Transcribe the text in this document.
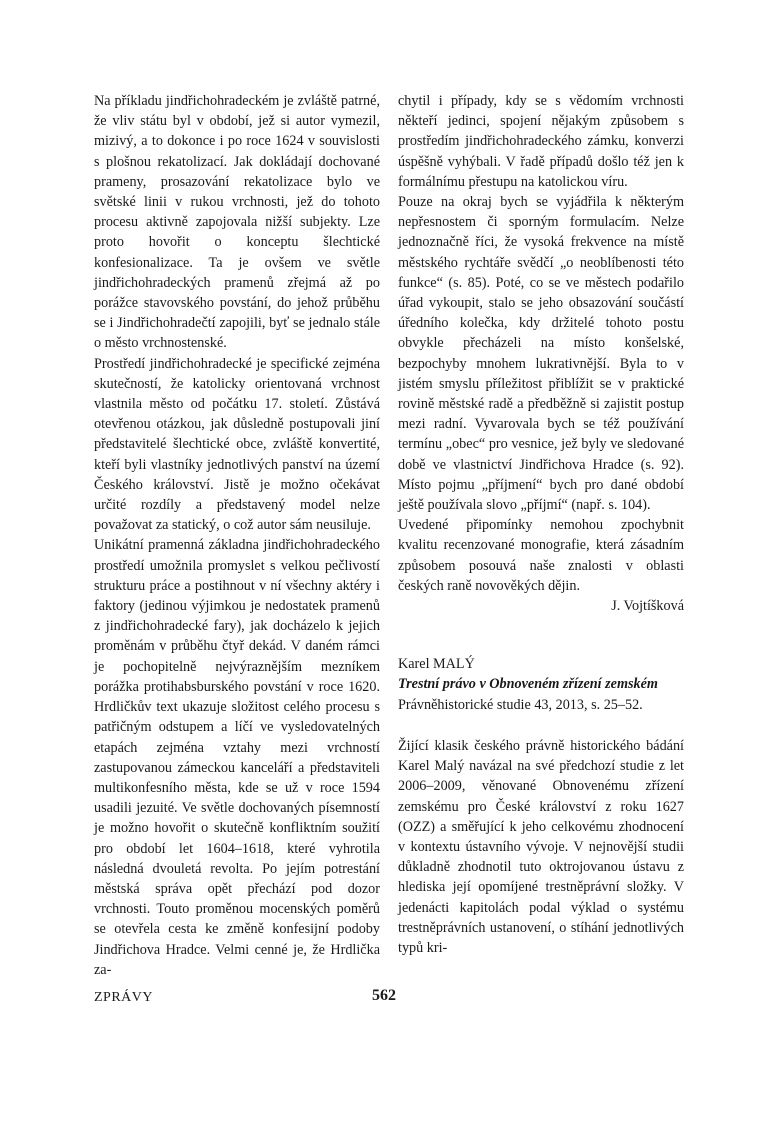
Na příkladu jindřichohradeckém je zvláště patrné, že vliv státu byl v období, jež si autor vymezil, mizivý, a to dokonce i po roce 1624 v souvislosti s plošnou rekatolizací. Jak dokládají dochované prameny, prosazování rekatolizace bylo ve světské linii v rukou vrchnosti, jež do tohoto procesu aktivně zapojovala nižší subjekty. Lze proto hovořit o konceptu šlechtické konfesionalizace. Ta je ovšem ve světle jindřichohradeckých pramenů zřejmá až po porážce stavovského povstání, do jehož průběhu se i Jindřichohradečtí zapojili, byť se jednalo stále o město vrchnostenské.

Prostředí jindřichohradecké je specifické zejména skutečností, že katolicky orientovaná vrchnost vlastnila město od počátku 17. století. Zůstává otevřenou otázkou, jak důsledně postupovali jiní představitelé šlechtické obce, zvláště konvertité, kteří byli vlastníky jednotlivých panství na území Českého království. Jistě je možno očekávat určité rozdíly a představený model nelze považovat za statický, o což autor sám neusiluje.

Unikátní pramenná základna jindřichohradeckého prostředí umožnila promyslet s velkou pečlivostí strukturu práce a postihnout v ní všechny aktéry i faktory (jedinou výjimkou je nedostatek pramenů z jindřichohradecké fary), jak docházelo k jejich proměnám v průběhu čtyř dekád. V daném rámci je pochopitelně nejvýraznějším mezníkem porážka protihabsburského povstání v roce 1620. Hrdličkův text ukazuje složitost celého procesu s patřičným odstupem a líčí ve vysledovatelných etapách zejména vztahy mezi vrchností zastupovanou zámeckou kanceláří a představiteli multikonfesního města, kde se už v roce 1594 usadili jezuité. Ve světle dochovaných písemností je možno hovořit o skutečně konfliktním soužití pro období let 1604–1618, které vyhrotila následná dvouletá revolta. Po jejím potrestání městská správa opět přechází pod dozor vrchnosti. Touto proměnou mocenských poměrů se otevřela cesta ke změně konfesijní podoby Jindřichova Hradce. Velmi cenné je, že Hrdlička za-

chytil i případy, kdy se s vědomím vrchnosti někteří jedinci, spojení nějakým způsobem s prostředím jindřichohradeckého zámku, konverzi úspěšně vyhýbali. V řadě případů došlo též jen k formálnímu přestupu na katolickou víru.

Pouze na okraj bych se vyjádřila k některým nepřesnostem či sporným formulacím. Nelze jednoznačně říci, že vysoká frekvence na místě městského rychtáře svědčí „o neoblíbenosti této funkce“ (s. 85). Poté, co se ve městech podařilo úřad vykoupit, stalo se jeho obsazování součástí úředního kolečka, kdy držitelé tohoto postu obvykle přecházeli na místo konšelské, bezpochyby mnohem lukrativnější. Byla to v jistém smyslu příležitost přiblížit se v praktické rovině městské radě a předběžně si zajistit postup mezi radní. Vyvarovala bych se též používání termínu „obec“ pro vesnice, jež byly ve sledované době ve vlastnictví Jindřichova Hradce (s. 92). Místo pojmu „příjmení“ bych pro dané období ještě používala slovo „příjmí“ (např. s. 104).

Uvedené připomínky nemohou zpochybnit kvalitu recenzované monografie, která zásadním způsobem posouvá naše znalosti v oblasti českých raně novověkých dějin.

J. Vojtíšková

Karel MALÝ
Trestní právo v Obnoveném zřízení zemském
Právněhistorické studie 43, 2013, s. 25–52.

Žijící klasik českého právně historického bádání Karel Malý navázal na své předchozí studie z let 2006–2009, věnované Obnovenému zřízení zemskému pro České království z roku 1627 (OZZ) a směřující k jeho celkovému zhodnocení v kontextu ústavního vývoje. V nejnovější studii důkladně zhodnotil tuto oktrojovanou ústavu z hlediska její opomíjené trestněprávní složky. V jedenácti kapitolách podal výklad o systému trestněprávních ustanovení, o stíhání jednotlivých typů kri-

ZPRÁVY	562
